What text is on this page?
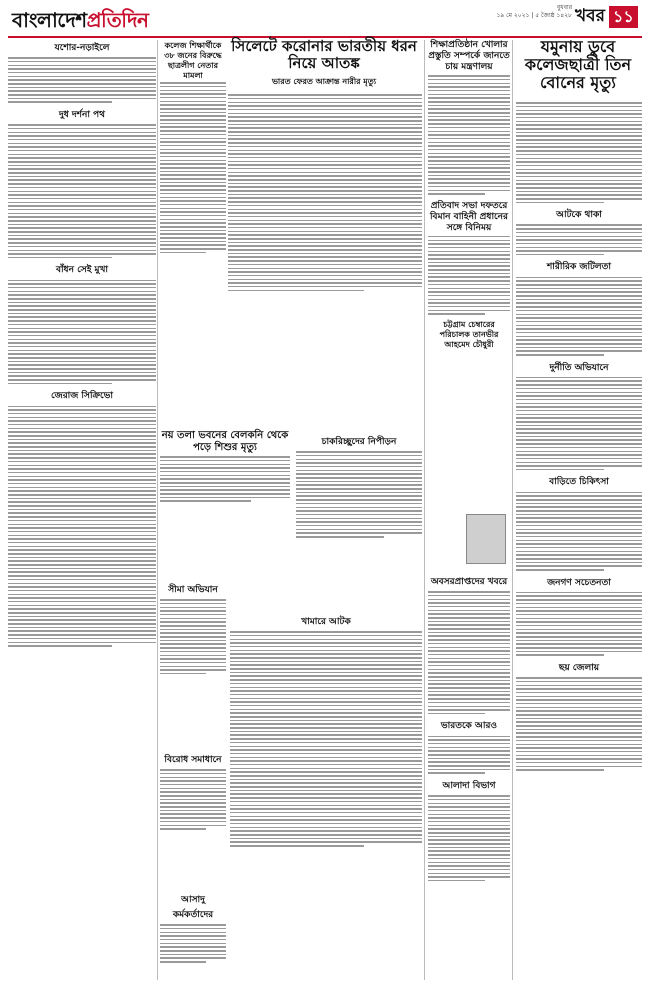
বাংলাদেশপ্রতিদিন
বুধবার
১৯ মে ২০২১ | ৫ জ্যৈষ্ঠ ১৪২৮ খবর ১১
যশোর-নড়াইলে
দুধ দর্শনা পথ
বাঁধন সেই মুখা
জেরাজ সিক্রিভো
কলেজ শিক্ষার্থীকে ৩৮ জনের বিরুদ্ধে ছাত্রলীগ নেতার মামলা
নয় তলা ভবনের বেলকনি থেকে পড়ে শিশুর মৃত্যু
সীমা অভিযান
বিরোধ সমাধানে
আসাদু কর্মকর্তাদের
সিলেটে করোনার ভারতীয় ধরন নিয়ে আতঙ্ক
ভারত ফেরত আক্রান্ত নারীর মৃত্যু
চাকরিচ্ছুদের নিপীড়ন
খামারে আটক
শিক্ষাপ্রতিষ্ঠান খোলার প্রস্তুতি সম্পর্কে জানতে চায় মন্ত্রণালয়
প্রতিবাদ সভা দফতরে বিমান বাহিনী প্রধানের সঙ্গে বিনিময়
চট্টগ্রাম চেম্বারের পরিচালক তানভীর আহমেদ চৌধুরী
অবসরপ্রাপ্তদের খবরে
ভারতকে আরও
আলাদা বিভাগ
যমুনায় ডুবে কলেজছাত্রী তিন বোনের মৃত্যু
আটকে থাকা
শারীরিক জটিলতা
দুর্নীতি অভিযানে
বাড়িতে চিকিৎসা
জনগণ সচেতনতা
ছয় জেলায়
